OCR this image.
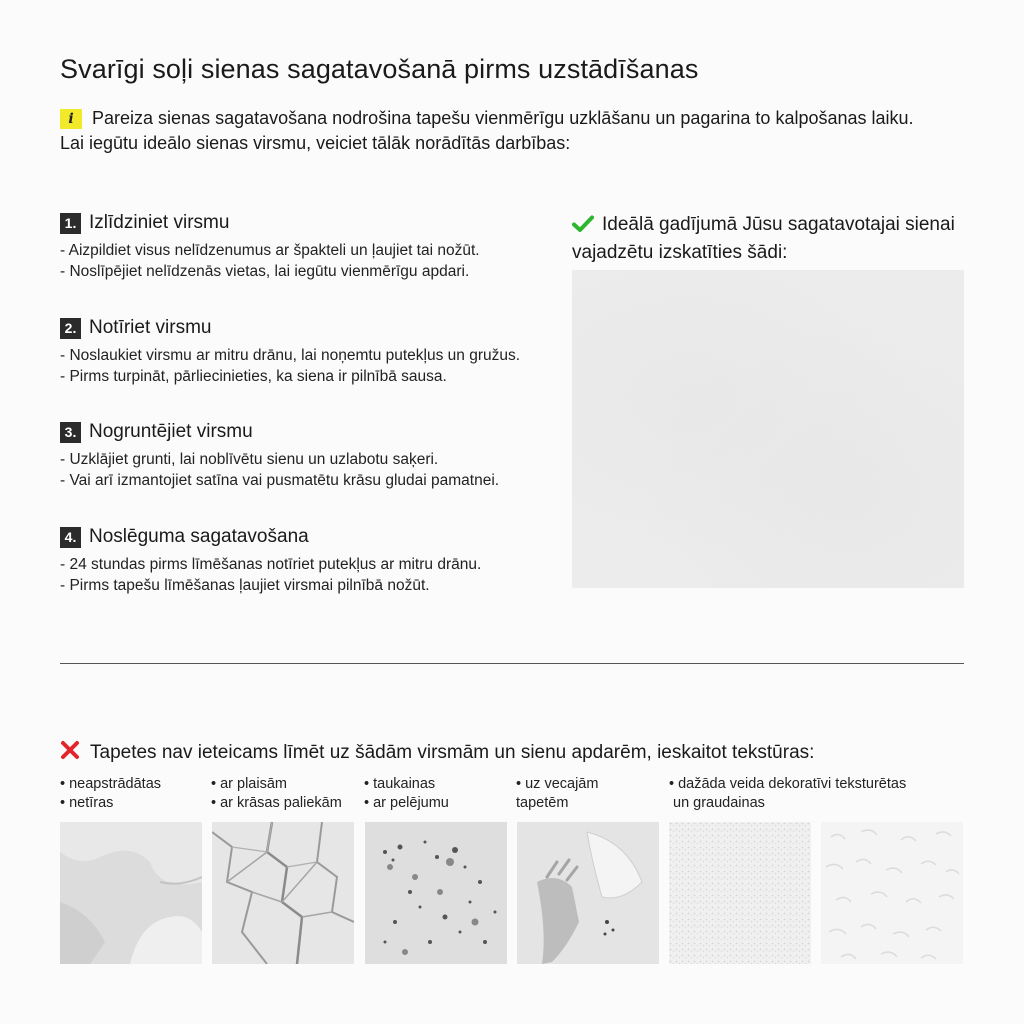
Svarīgi soļi sienas sagatavošanā pirms uzstādīšanas
i Pareiza sienas sagatavošana nodrošina tapešu vienmērīgu uzklāšanu un pagarina to kalpošanas laiku.
Lai iegūtu ideālo sienas virsmu, veiciet tālāk norādītās darbības:
1. Izlīdziniet virsmu
- Aizpildiet visus nelīdzenumus ar špakteli un ļaujiet tai nožūt.
- Noslīpējiet nelīdzenās vietas, lai iegūtu vienmērīgu apdari.
2. Notīriet virsmu
- Noslaukiet virsmu ar mitru drānu, lai noņemtu putekļus un gružus.
- Pirms turpināt, pārliecinieties, ka siena ir pilnībā sausa.
3. Nogruntējiet virsmu
- Uzklājiet grunti, lai noblīvētu sienu un uzlabotu saķeri.
- Vai arī izmantojiet satīna vai pusmatētu krāsu gludai pamatnei.
4. Noslēguma sagatavošana
- 24 stundas pirms līmēšanas notīriet putekļus ar mitru drānu.
- Pirms tapešu līmēšanas ļaujiet virsmai pilnībā nožūt.
Ideālā gadījumā Jūsu sagatavotajai sienai
vajadzētu izskatīties šādi:
Tapetes nav ieteicams līmēt uz šādām virsmām un sienu apdarēm, ieskaitot tekstūras:
• neapstrādātas
• netīras
• ar plaisām
• ar krāsas paliekām
• taukainas
• ar pelējumu
• uz vecajām
tapetēm
• dažāda veida dekoratīvi teksturētas
un graudainas
